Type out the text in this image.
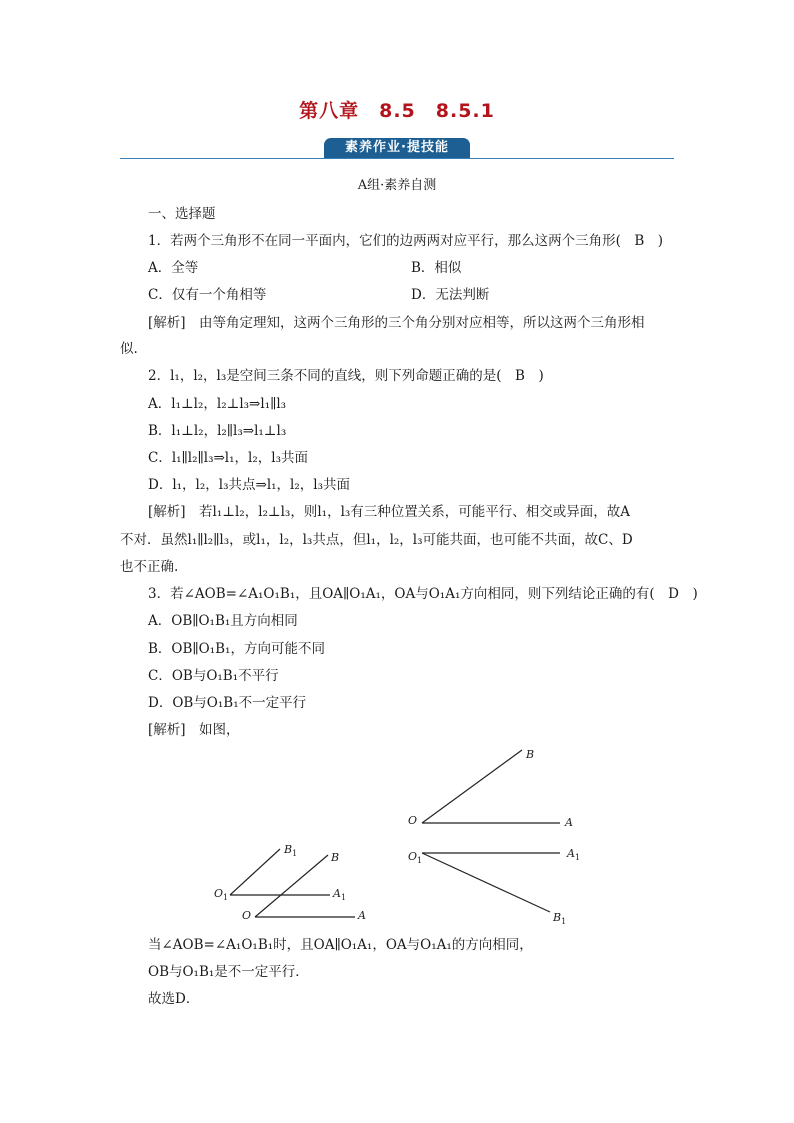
第八章　8.5　8.5.1
素养作业·提技能
A组·素养自测
一、选择题
1．若两个三角形不在同一平面内，它们的边两两对应平行，那么这两个三角形(　B　)
A．全等	B．相似
C．仅有一个角相等	D．无法判断
[解析]　由等角定理知，这两个三角形的三个角分别对应相等，所以这两个三角形相
似.
2．l₁，l₂，l₃是空间三条不同的直线，则下列命题正确的是(　B　)
A．l₁⊥l₂，l₂⊥l₃⇒l₁∥l₃
B．l₁⊥l₂，l₂∥l₃⇒l₁⊥l₃
C．l₁∥l₂∥l₃⇒l₁，l₂，l₃共面
D．l₁，l₂，l₃共点⇒l₁，l₂，l₃共面
[解析]　若l₁⊥l₂，l₂⊥l₃，则l₁，l₃有三种位置关系，可能平行、相交或异面，故A
不对．虽然l₁∥l₂∥l₃，或l₁，l₂，l₃共点，但l₁，l₂，l₃可能共面，也可能不共面，故C、D
也不正确.
3．若∠AOB=∠A₁O₁B₁，且OA∥O₁A₁，OA与O₁A₁方向相同，则下列结论正确的有(　D　)
A．OB∥O₁B₁且方向相同
B．OB∥O₁B₁，方向可能不同
C．OB与O₁B₁不平行
D．OB与O₁B₁不一定平行
[解析]　如图，
B
O	A
$O_1$
$A_1$
$B_1$
$B_1$	B
$O_1$	$A_1$
O	A
当∠AOB=∠A₁O₁B₁时，且OA∥O₁A₁，OA与O₁A₁的方向相同，
OB与O₁B₁是不一定平行．
故选D．
